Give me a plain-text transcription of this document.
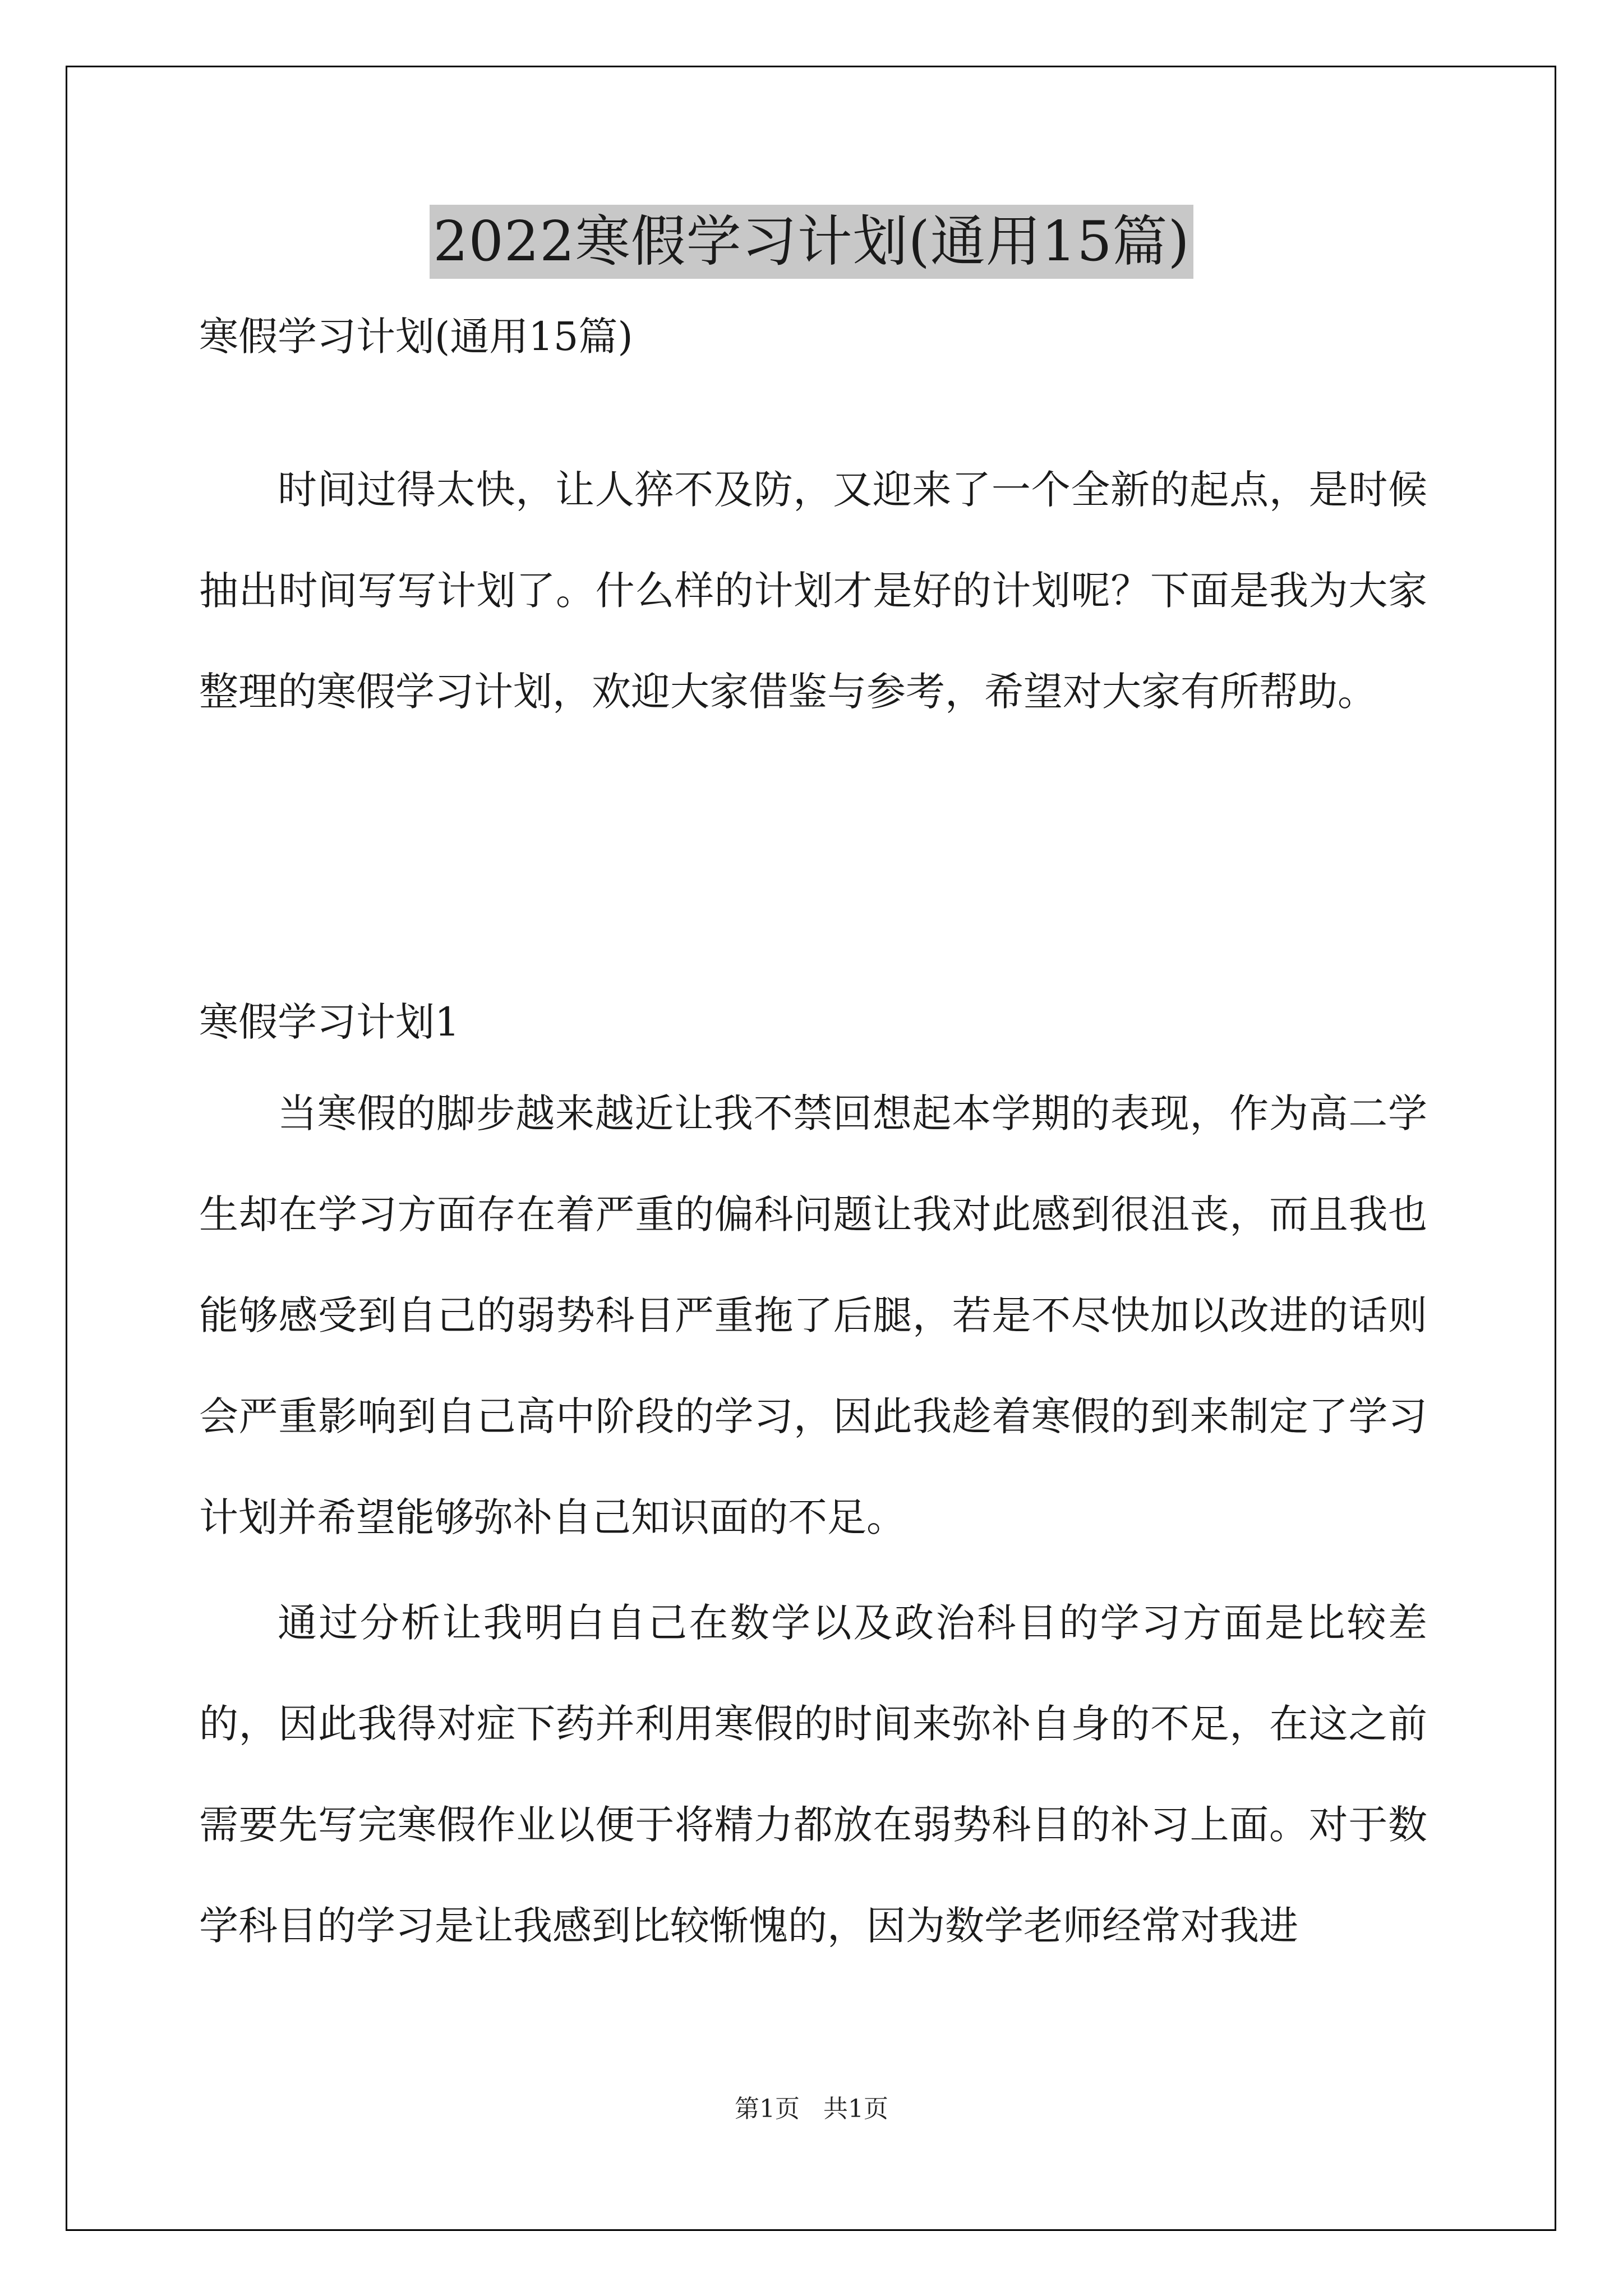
2022寒假学习计划(通用15篇)

寒假学习计划(通用15篇)

时间过得太快，让人猝不及防，又迎来了一个全新的起点，是时候抽出时间写写计划了。什么样的计划才是好的计划呢？下面是我为大家整理的寒假学习计划，欢迎大家借鉴与参考，希望对大家有所帮助。

寒假学习计划1

当寒假的脚步越来越近让我不禁回想起本学期的表现，作为高二学生却在学习方面存在着严重的偏科问题让我对此感到很沮丧，而且我也能够感受到自己的弱势科目严重拖了后腿，若是不尽快加以改进的话则会严重影响到自己高中阶段的学习，因此我趁着寒假的到来制定了学习计划并希望能够弥补自己知识面的不足。

通过分析让我明白自己在数学以及政治科目的学习方面是比较差的，因此我得对症下药并利用寒假的时间来弥补自身的不足，在这之前需要先写完寒假作业以便于将精力都放在弱势科目的补习上面。对于数学科目的学习是让我感到比较惭愧的，因为数学老师经常对我进

第1页 共1页
